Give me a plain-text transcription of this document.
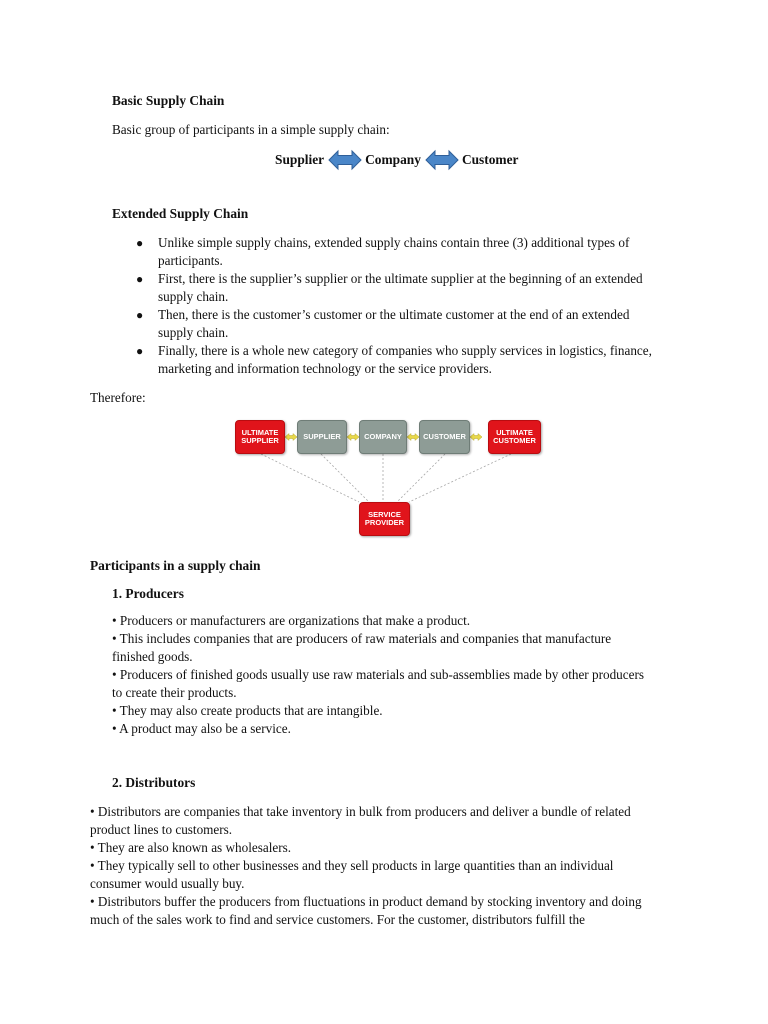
Basic Supply Chain

Basic group of participants in a simple supply chain:

Supplier	Company	Customer

Extended Supply Chain

● Unlike simple supply chains, extended supply chains contain three (3) additional types of
participants.
● First, there is the supplier’s supplier or the ultimate supplier at the beginning of an extended
supply chain.
● Then, there is the customer’s customer or the ultimate customer at the end of an extended
supply chain.
● Finally, there is a whole new category of companies who supply services in logistics, finance,
marketing and information technology or the service providers.

Therefore:

ULTIMATE
SUPPLIER	SUPPLIER	COMPANY	CUSTOMER	ULTIMATE
CUSTOMER
SERVICE
PROVIDER

Participants in a supply chain

1. Producers

• Producers or manufacturers are organizations that make a product.

• This includes companies that are producers of raw materials and companies that manufacture

finished goods.

• Producers of finished goods usually use raw materials and sub-assemblies made by other producers

to create their products.

• They may also create products that are intangible.

• A product may also be a service.

2. Distributors

• Distributors are companies that take inventory in bulk from producers and deliver a bundle of related

product lines to customers.

• They are also known as wholesalers.

• They typically sell to other businesses and they sell products in large quantities than an individual

consumer would usually buy.

• Distributors buffer the producers from fluctuations in product demand by stocking inventory and doing

much of the sales work to find and service customers. For the customer, distributors fulfill the
